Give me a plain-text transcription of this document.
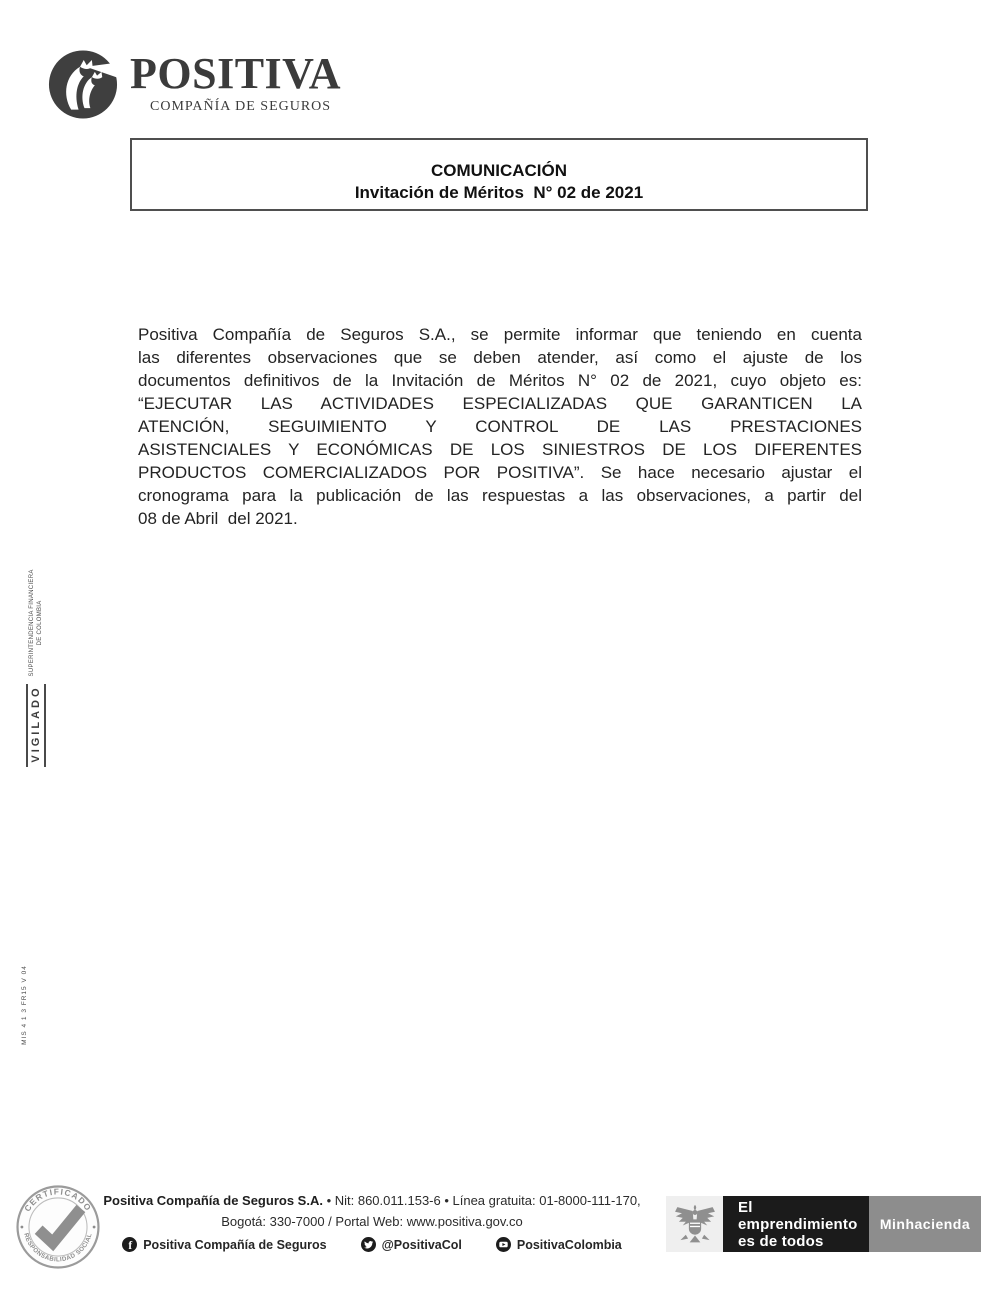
POSITIVA
COMPAÑÍA DE SEGUROS
COMUNICACIÓN
Invitación de Méritos  N° 02 de 2021
Positiva Compañía de Seguros S.A., se permite informar que teniendo en cuenta
las diferentes observaciones que se deben atender, así como el ajuste de los
documentos definitivos de la Invitación de Méritos N° 02 de 2021, cuyo objeto es:
“EJECUTAR LAS ACTIVIDADES ESPECIALIZADAS QUE GARANTICEN LA
ATENCIÓN, SEGUIMIENTO Y CONTROL DE LAS PRESTACIONES
ASISTENCIALES Y ECONÓMICAS DE LOS SINIESTROS DE LOS DIFERENTES
PRODUCTOS COMERCIALIZADOS POR POSITIVA”. Se hace necesario ajustar el
cronograma para la publicación de las respuestas a las observaciones, a partir del
08 de Abril  del 2021.
VIGILADO
SUPERINTENDENCIA FINANCIERA DE COLOMBIA
MIS 4 1 3 FR15 V 04
CERTIFICADO
RESPONSABILIDAD SOCIAL
Positiva Compañía de Seguros S.A. • Nit: 860.011.153-6 • Línea gratuita: 01-8000-111-170,
Bogotá: 330-7000 / Portal Web: www.positiva.gov.co
f Positiva Compañía de Seguros	@PositivaCol	PositivaColombia
El emprendimiento
es de todos
Minhacienda
